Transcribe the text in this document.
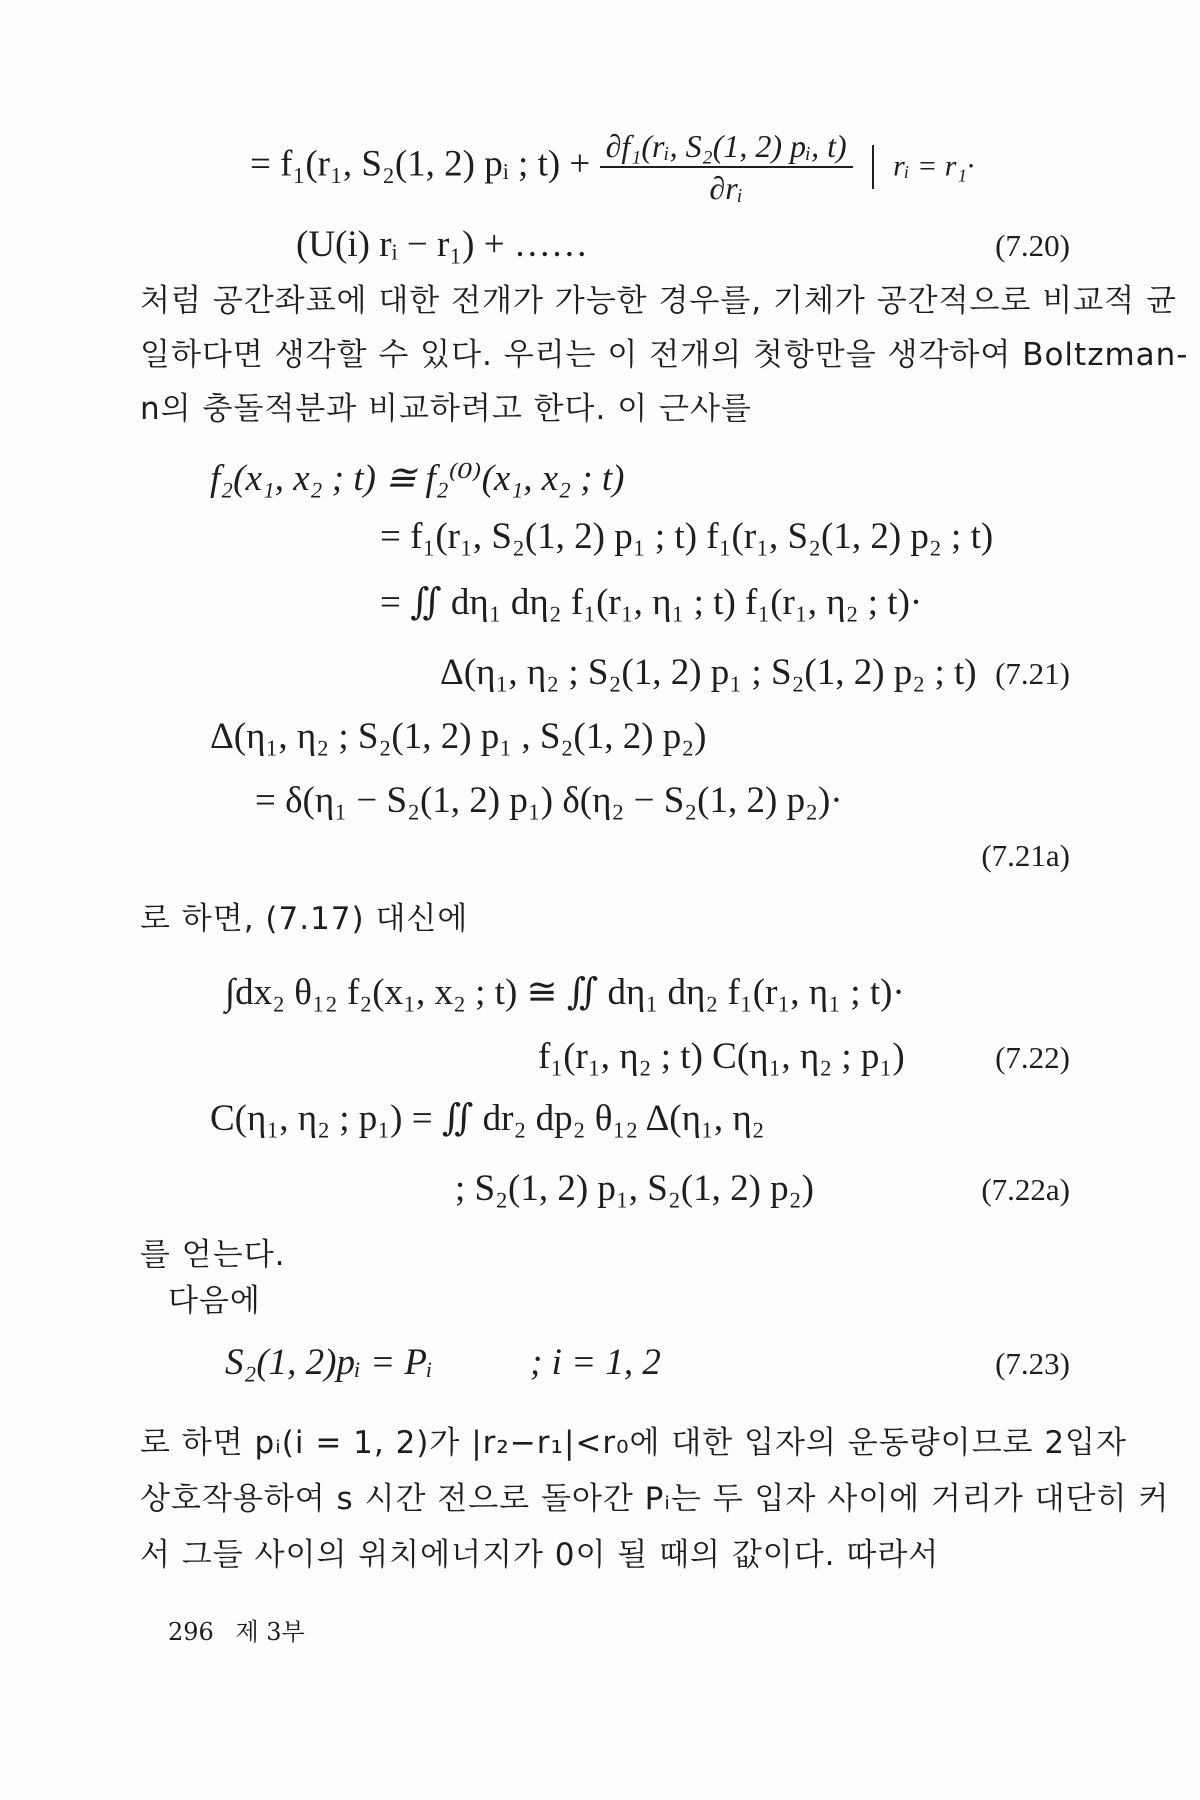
= f₁(r₁, S₂(1, 2) pᵢ ; $t) + \frac{\text{∂f₁(rᵢ, S₂(1, 2) pᵢ, t)}}{\text{∂rᵢ}}$ rᵢ = r₁·
(U(i) rᵢ − r₁) + ……	(7.20)
처럼 공간좌표에 대한 전개가 가능한 경우를, 기체가 공간적으로 비교적 균
일하다면 생각할 수 있다. 우리는 이 전개의 첫항만을 생각하여 Boltzman-
n의 충돌적분과 비교하려고 한다. 이 근사를
f₂(x₁, x₂ ; t) ≅ f₂⁽⁰⁾(x₁, x₂ ; t)
= f₁(r₁, S₂(1, 2) p₁ ; t) f₁(r₁, S₂(1, 2) p₂ ; t)
= ∬ dη₁ dη₂ f₁(r₁, η₁ ; t) f₁(r₁, η₂ ; t)·
Δ(η₁, η₂ ; S₂(1, 2) p₁ ; S₂(1, 2) p₂ ; t) (7.21)
Δ(η₁, η₂ ; S₂(1, 2) p₁ , S₂(1, 2) p₂)
= δ(η₁ − S₂(1, 2) p₁) δ(η₂ − S₂(1, 2) p₂)·
(7.21a)
로 하면, (7.17) 대신에
∫dx₂ θ₁₂ f₂(x₁, x₂ ; t) ≅ ∬ dη₁ dη₂ f₁(r₁, η₁ ; t)·
f₁(r₁, η₂ ; t) C(η₁, η₂ ; p₁)	(7.22)
C(η₁, η₂ ; p₁) = ∬ dr₂ dp₂ θ₁₂ Δ(η₁, η₂
; S₂(1, 2) p₁, S₂(1, 2) p₂)	(7.22a)
를 얻는다.
다음에
S₂(1, 2)pᵢ = Pᵢ	; i = 1, 2	(7.23)
로 하면 pᵢ(i = 1, 2)가 |r₂−r₁|<r₀에 대한 입자의 운동량이므로 2입자
상호작용하여 s 시간 전으로 돌아간 Pᵢ는 두 입자 사이에 거리가 대단히 커
서 그들 사이의 위치에너지가 0이 될 때의 값이다. 따라서
296 제 3부
